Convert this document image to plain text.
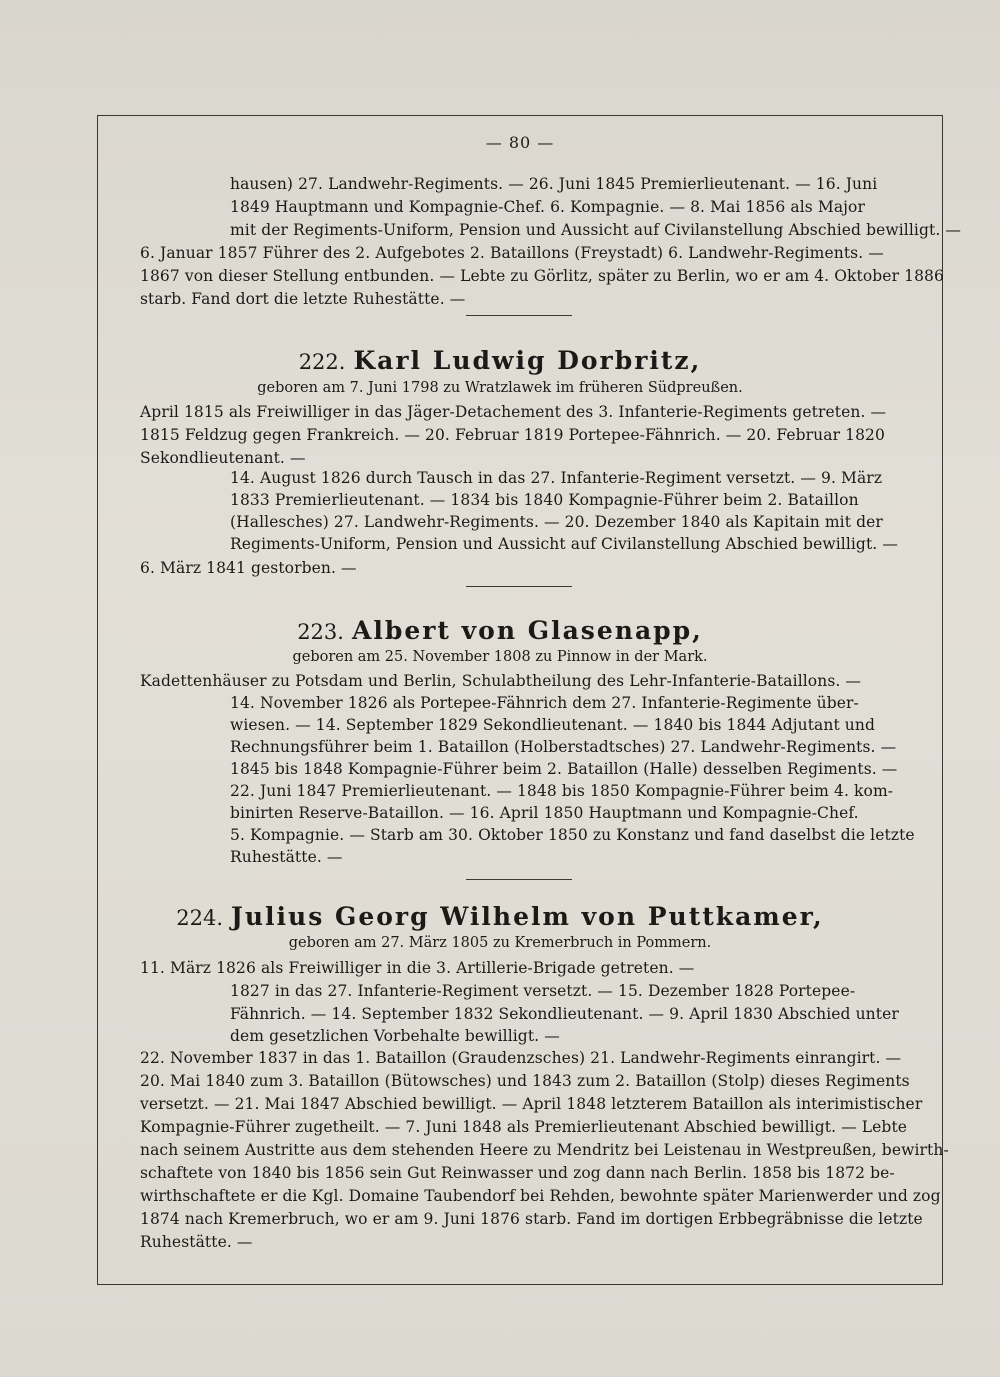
— 80 —
hausen) 27. Landwehr-Regiments. — 26. Juni 1845 Premierlieutenant. — 16. Juni
1849 Hauptmann und Kompagnie-Chef. 6. Kompagnie. — 8. Mai 1856 als Major
mit der Regiments-Uniform, Pension und Aussicht auf Civilanstellung Abschied bewilligt. —
6. Januar 1857 Führer des 2. Aufgebotes 2. Bataillons (Freystadt) 6. Landwehr-Regiments. —
1867 von dieser Stellung entbunden. — Lebte zu Görlitz, später zu Berlin, wo er am 4. Oktober 1886
starb. Fand dort die letzte Ruhestätte. —
222. Karl Ludwig Dorbritz,
geboren am 7. Juni 1798 zu Wratzlawek im früheren Südpreußen.
April 1815 als Freiwilliger in das Jäger-Detachement des 3. Infanterie-Regiments getreten. —
1815 Feldzug gegen Frankreich. — 20. Februar 1819 Portepee-Fähnrich. — 20. Februar 1820
Sekondlieutenant. —
14. August 1826 durch Tausch in das 27. Infanterie-Regiment versetzt. — 9. März
1833 Premierlieutenant. — 1834 bis 1840 Kompagnie-Führer beim 2. Bataillon
(Hallesches) 27. Landwehr-Regiments. — 20. Dezember 1840 als Kapitain mit der
Regiments-Uniform, Pension und Aussicht auf Civilanstellung Abschied bewilligt. —
6. März 1841 gestorben. —
223. Albert von Glasenapp,
geboren am 25. November 1808 zu Pinnow in der Mark.
Kadettenhäuser zu Potsdam und Berlin, Schulabtheilung des Lehr-Infanterie-Bataillons. —
14. November 1826 als Portepee-Fähnrich dem 27. Infanterie-Regimente über-
wiesen. — 14. September 1829 Sekondlieutenant. — 1840 bis 1844 Adjutant und
Rechnungsführer beim 1. Bataillon (Holberstadtsches) 27. Landwehr-Regiments. —
1845 bis 1848 Kompagnie-Führer beim 2. Bataillon (Halle) desselben Regiments. —
22. Juni 1847 Premierlieutenant. — 1848 bis 1850 Kompagnie-Führer beim 4. kom-
binirten Reserve-Bataillon. — 16. April 1850 Hauptmann und Kompagnie-Chef.
5. Kompagnie. — Starb am 30. Oktober 1850 zu Konstanz und fand daselbst die letzte
Ruhestätte. —
224. Julius Georg Wilhelm von Puttkamer,
geboren am 27. März 1805 zu Kremerbruch in Pommern.
11. März 1826 als Freiwilliger in die 3. Artillerie-Brigade getreten. —
1827 in das 27. Infanterie-Regiment versetzt. — 15. Dezember 1828 Portepee-
Fähnrich. — 14. September 1832 Sekondlieutenant. — 9. April 1830 Abschied unter
dem gesetzlichen Vorbehalte bewilligt. —
22. November 1837 in das 1. Bataillon (Graudenzsches) 21. Landwehr-Regiments einrangirt. —
20. Mai 1840 zum 3. Bataillon (Bütowsches) und 1843 zum 2. Bataillon (Stolp) dieses Regiments
versetzt. — 21. Mai 1847 Abschied bewilligt. — April 1848 letzterem Bataillon als interimistischer
Kompagnie-Führer zugetheilt. — 7. Juni 1848 als Premierlieutenant Abschied bewilligt. — Lebte
nach seinem Austritte aus dem stehenden Heere zu Mendritz bei Leistenau in Westpreußen, bewirth-
schaftete von 1840 bis 1856 sein Gut Reinwasser und zog dann nach Berlin. 1858 bis 1872 be-
wirthschaftete er die Kgl. Domaine Taubendorf bei Rehden, bewohnte später Marienwerder und zog
1874 nach Kremerbruch, wo er am 9. Juni 1876 starb. Fand im dortigen Erbbegräbnisse die letzte
Ruhestätte. —
